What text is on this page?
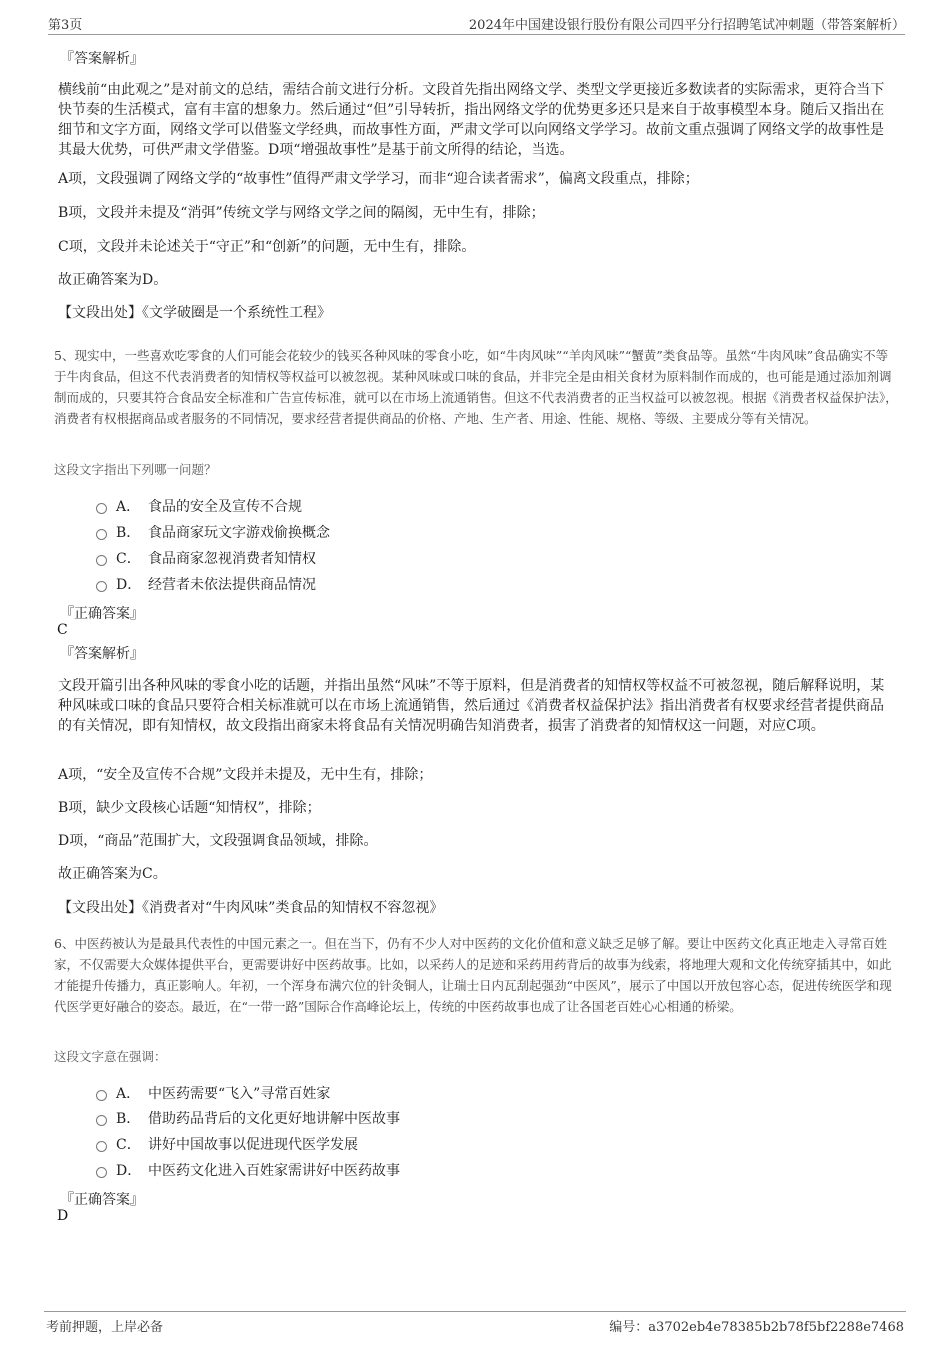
第3页	2024年中国建设银行股份有限公司四平分行招聘笔试冲刺题（带答案解析）
『答案解析』
横线前“由此观之”是对前文的总结，需结合前文进行分析。文段首先指出网络文学、类型文学更接近多数读者的实际需求，更符合当下快节奏的生活模式，富有丰富的想象力。然后通过“但”引导转折，指出网络文学的优势更多还只是来自于故事模型本身。随后又指出在细节和文字方面，网络文学可以借鉴文学经典，而故事性方面，严肃文学可以向网络文学学习。故前文重点强调了网络文学的故事性是其最大优势，可供严肃文学借鉴。D项“增强故事性”是基于前文所得的结论，当选。
A项，文段强调了网络文学的“故事性”值得严肃文学学习，而非“迎合读者需求”，偏离文段重点，排除；
B项，文段并未提及“消弭”传统文学与网络文学之间的隔阂，无中生有，排除；
C项，文段并未论述关于“守正”和“创新”的问题，无中生有，排除。
故正确答案为D。
【文段出处】《文学破圈是一个系统性工程》
5、现实中，一些喜欢吃零食的人们可能会花较少的钱买各种风味的零食小吃，如“牛肉风味”“羊肉风味”“蟹黄”类食品等。虽然“牛肉风味”食品确实不等于牛肉食品，但这不代表消费者的知情权等权益可以被忽视。某种风味或口味的食品，并非完全是由相关食材为原料制作而成的，也可能是通过添加剂调制而成的，只要其符合食品安全标准和广告宣传标准，就可以在市场上流通销售。但这不代表消费者的正当权益可以被忽视。根据《消费者权益保护法》，消费者有权根据商品或者服务的不同情况，要求经营者提供商品的价格、产地、生产者、用途、性能、规格、等级、主要成分等有关情况。
这段文字指出下列哪一问题？
A． 食品的安全及宣传不合规
B． 食品商家玩文字游戏偷换概念
C． 食品商家忽视消费者知情权
D． 经营者未依法提供商品情况
『正确答案』
C
『答案解析』
文段开篇引出各种风味的零食小吃的话题，并指出虽然“风味”不等于原料，但是消费者的知情权等权益不可被忽视，随后解释说明，某种风味或口味的食品只要符合相关标准就可以在市场上流通销售，然后通过《消费者权益保护法》指出消费者有权要求经营者提供商品的有关情况，即有知情权，故文段指出商家未将食品有关情况明确告知消费者，损害了消费者的知情权这一问题，对应C项。
A项，“安全及宣传不合规”文段并未提及，无中生有，排除；
B项，缺少文段核心话题“知情权”，排除；
D项，“商品”范围扩大，文段强调食品领域，排除。
故正确答案为C。
【文段出处】《消费者对“牛肉风味”类食品的知情权不容忽视》
6、中医药被认为是最具代表性的中国元素之一。但在当下，仍有不少人对中医药的文化价值和意义缺乏足够了解。要让中医药文化真正地走入寻常百姓家，不仅需要大众媒体提供平台，更需要讲好中医药故事。比如，以采药人的足迹和采药用药背后的故事为线索，将地理大观和文化传统穿插其中，如此才能提升传播力，真正影响人。年初，一个浑身布满穴位的针灸铜人，让瑞士日内瓦刮起强劲“中医风”，展示了中国以开放包容心态，促进传统医学和现代医学更好融合的姿态。最近，在“一带一路”国际合作高峰论坛上，传统的中医药故事也成了让各国老百姓心心相通的桥梁。
这段文字意在强调：
A． 中医药需要“飞入”寻常百姓家
B． 借助药品背后的文化更好地讲解中医故事
C． 讲好中国故事以促进现代医学发展
D． 中医药文化进入百姓家需讲好中医药故事
『正确答案』
D
考前押题，上岸必备	编号：a3702eb4e78385b2b78f5bf2288e7468
